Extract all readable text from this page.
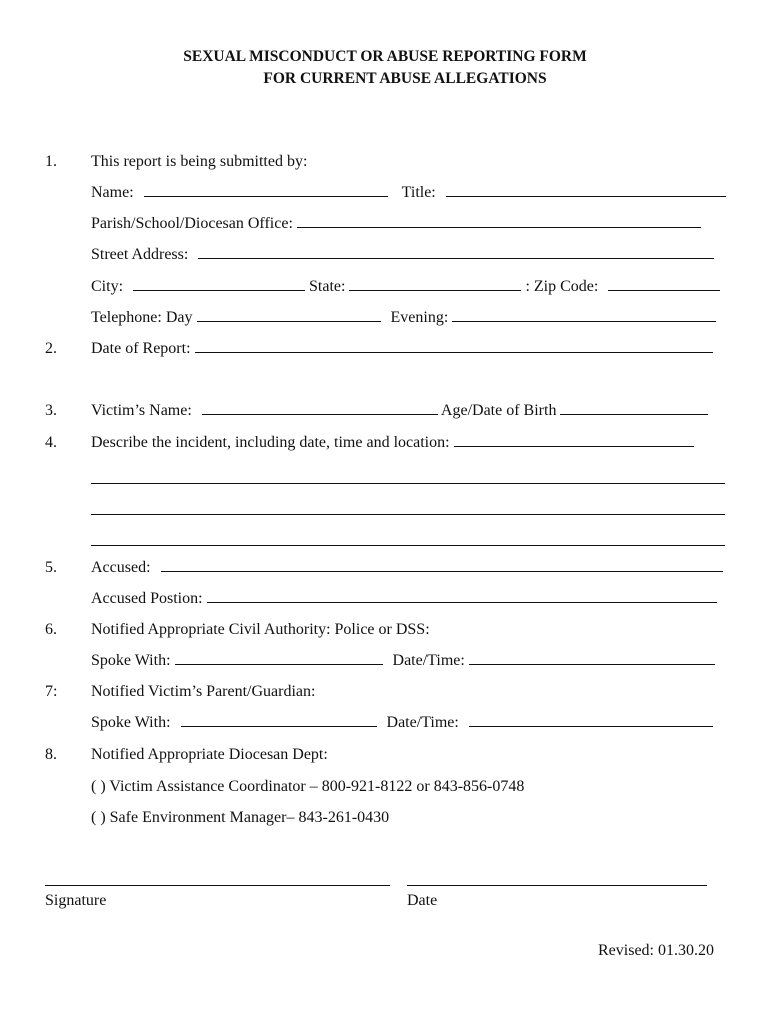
SEXUAL MISCONDUCT OR ABUSE REPORTING FORM
FOR CURRENT ABUSE ALLEGATIONS
1. This report is being submitted by:
Name:	Title:
Parish/School/Diocesan Office:
Street Address:
City:	State:	: Zip Code:
Telephone: Day	Evening:
2. Date of Report:
3. Victim’s Name:	Age/Date of Birth
4. Describe the incident, including date, time and location:
5. Accused:
Accused Postion:
6. Notified Appropriate Civil Authority: Police or DSS:
Spoke With:	Date/Time:
7: Notified Victim’s Parent/Guardian:
Spoke With:	Date/Time:
8. Notified Appropriate Diocesan Dept:
( ) Victim Assistance Coordinator – 800-921-8122 or 843-856-0748
( ) Safe Environment Manager– 843-261-0430
Signature	Date
Revised: 01.30.20
